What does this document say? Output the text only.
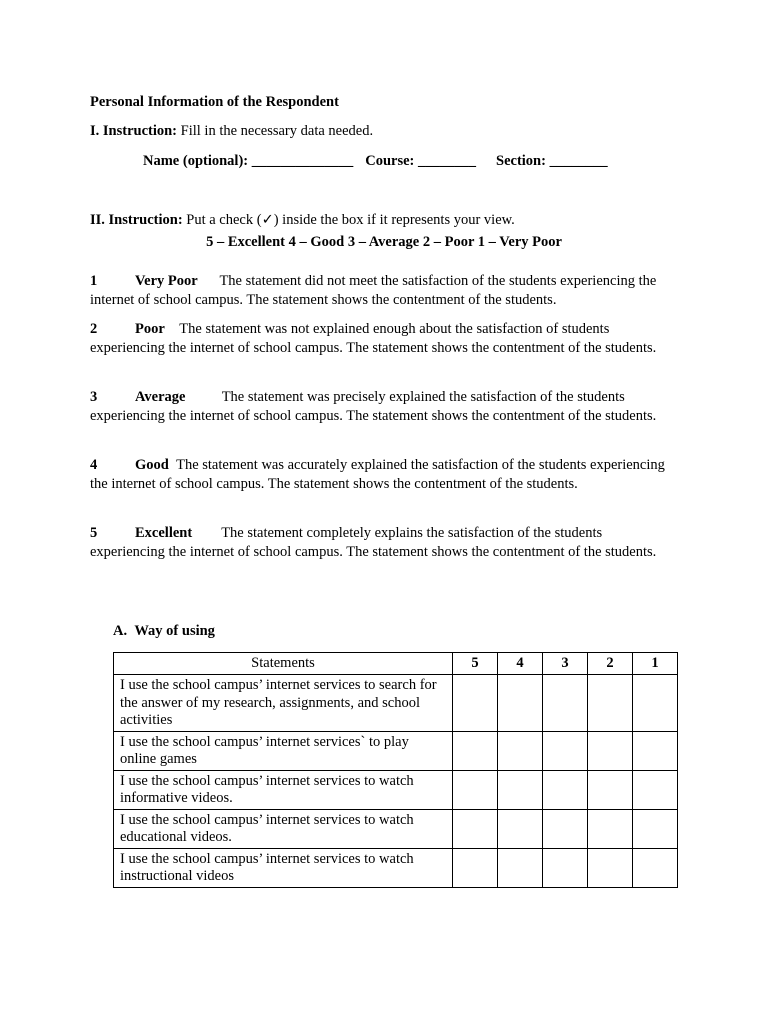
Personal Information of the Respondent
I. Instruction: Fill in the necessary data needed.
Name (optional): ______________ Course: ________ Section: ________
II. Instruction: Put a check (✓) inside the box if it represents your view.
5 – Excellent 4 – Good 3 – Average 2 – Poor 1 – Very Poor
1	Very Poor   The statement did not meet the satisfaction of the students experiencing the internet of school campus. The statement shows the contentment of the students.
2	Poor   The statement was not explained enough about the satisfaction of students experiencing the internet of school campus. The statement shows the contentment of the students.
3	Average   	The statement was precisely explained the satisfaction of the students experiencing the internet of school campus. The statement shows the contentment of the students.
4	Good  The statement was accurately explained the satisfaction of the students experiencing the internet of school campus. The statement shows the contentment of the students.
5	Excellent   The statement completely explains the satisfaction of the students experiencing the internet of school campus. The statement shows the contentment of the students.
A. Way of using
Statements	5	4	3	2	1
I use the school campus’ internet services to search for the answer of my research, assignments, and school activities					
I use the school campus’ internet services` to play online games					
I use the school campus’ internet services to watch informative videos.					
I use the school campus’ internet services to watch educational videos.					
I use the school campus’ internet services to watch instructional videos					
